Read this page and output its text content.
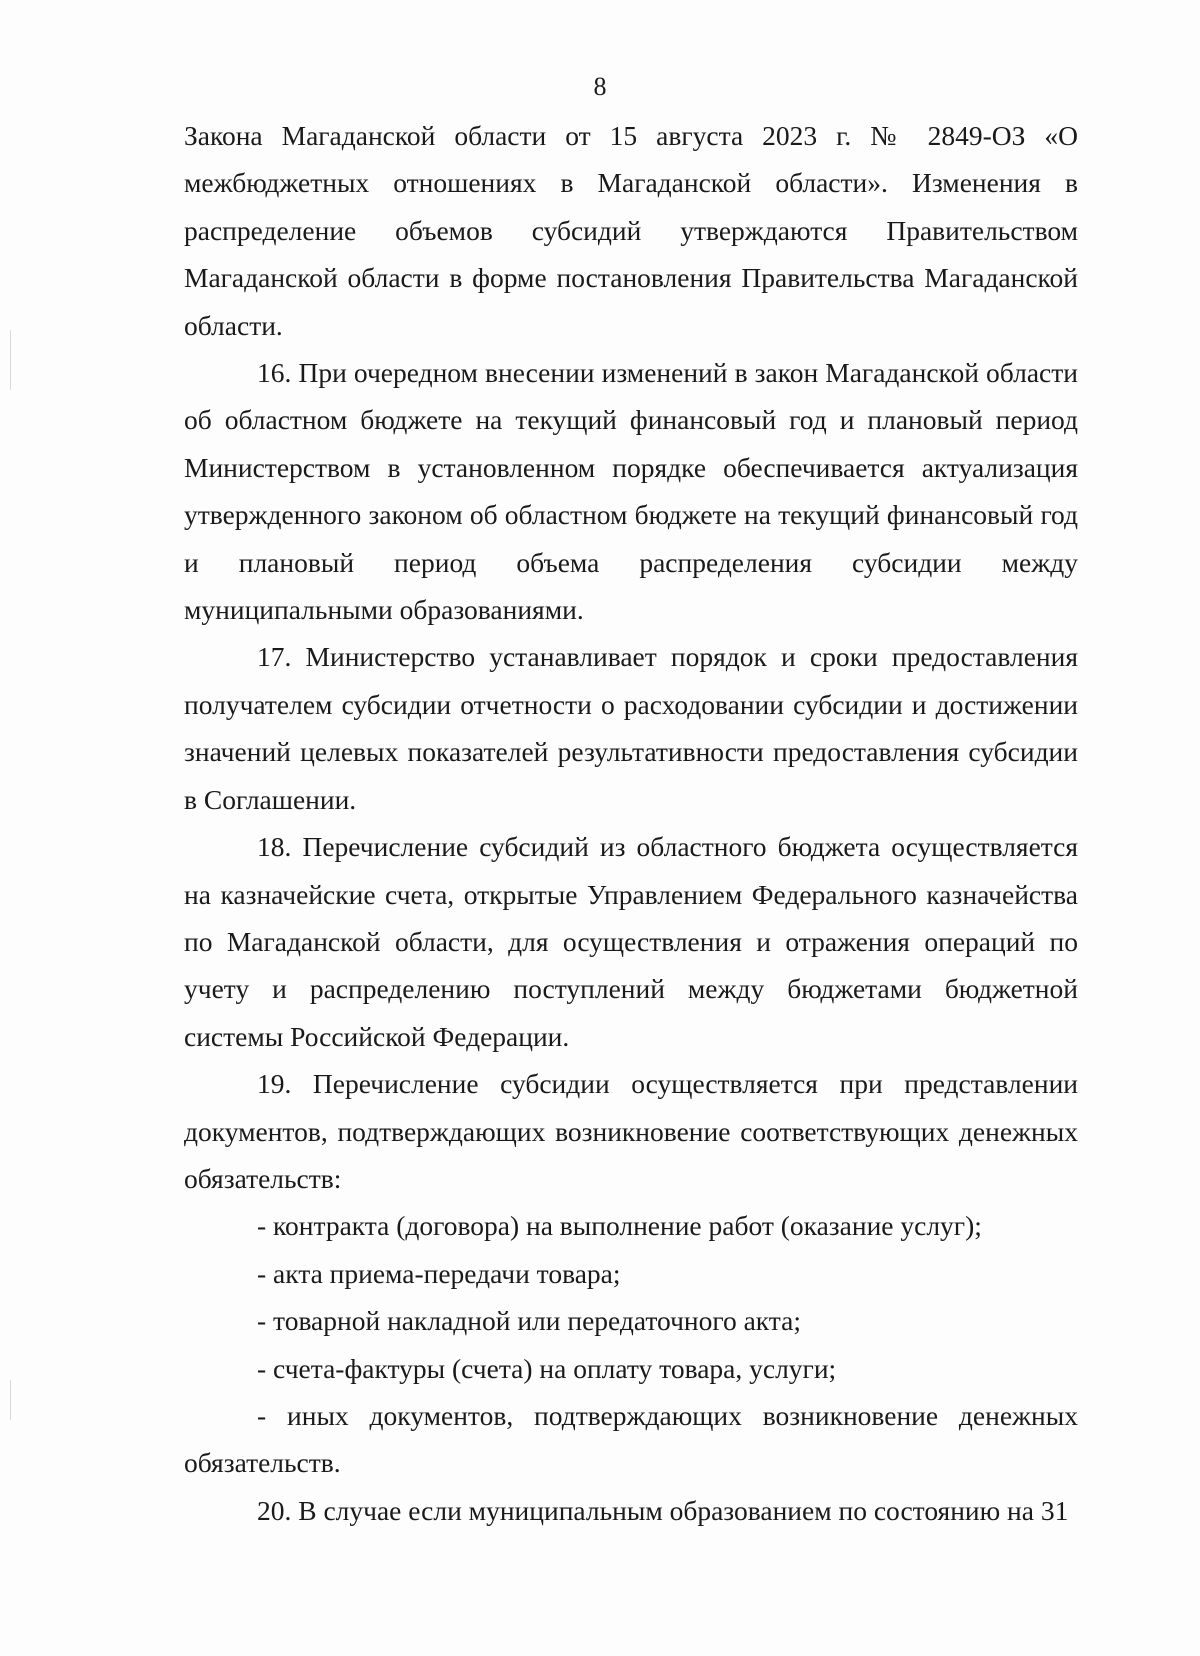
8

Закона Магаданской области от 15 августа 2023 г. № 2849-ОЗ «О межбюджетных отношениях в Магаданской области». Изменения в распределение объемов субсидий утверждаются Правительством Магаданской области в форме постановления Правительства Магаданской области.

16. При очередном внесении изменений в закон Магаданской области об областном бюджете на текущий финансовый год и плановый период Министерством в установленном порядке обеспечивается актуализация утвержденного законом об областном бюджете на текущий финансовый год и плановый период объема распределения субсидии между муниципальными образованиями.

17. Министерство устанавливает порядок и сроки предоставления получателем субсидии отчетности о расходовании субсидии и достижении значений целевых показателей результативности предоставления субсидии в Соглашении.

18. Перечисление субсидий из областного бюджета осуществляется на казначейские счета, открытые Управлением Федерального казначейства по Магаданской области, для осуществления и отражения операций по учету и распределению поступлений между бюджетами бюджетной системы Российской Федерации.

19. Перечисление субсидии осуществляется при представлении документов, подтверждающих возникновение соответствующих денежных обязательств:

- контракта (договора) на выполнение работ (оказание услуг);

- акта приема-передачи товара;

- товарной накладной или передаточного акта;

- счета-фактуры (счета) на оплату товара, услуги;

- иных документов, подтверждающих возникновение денежных обязательств.

20. В случае если муниципальным образованием по состоянию на 31
